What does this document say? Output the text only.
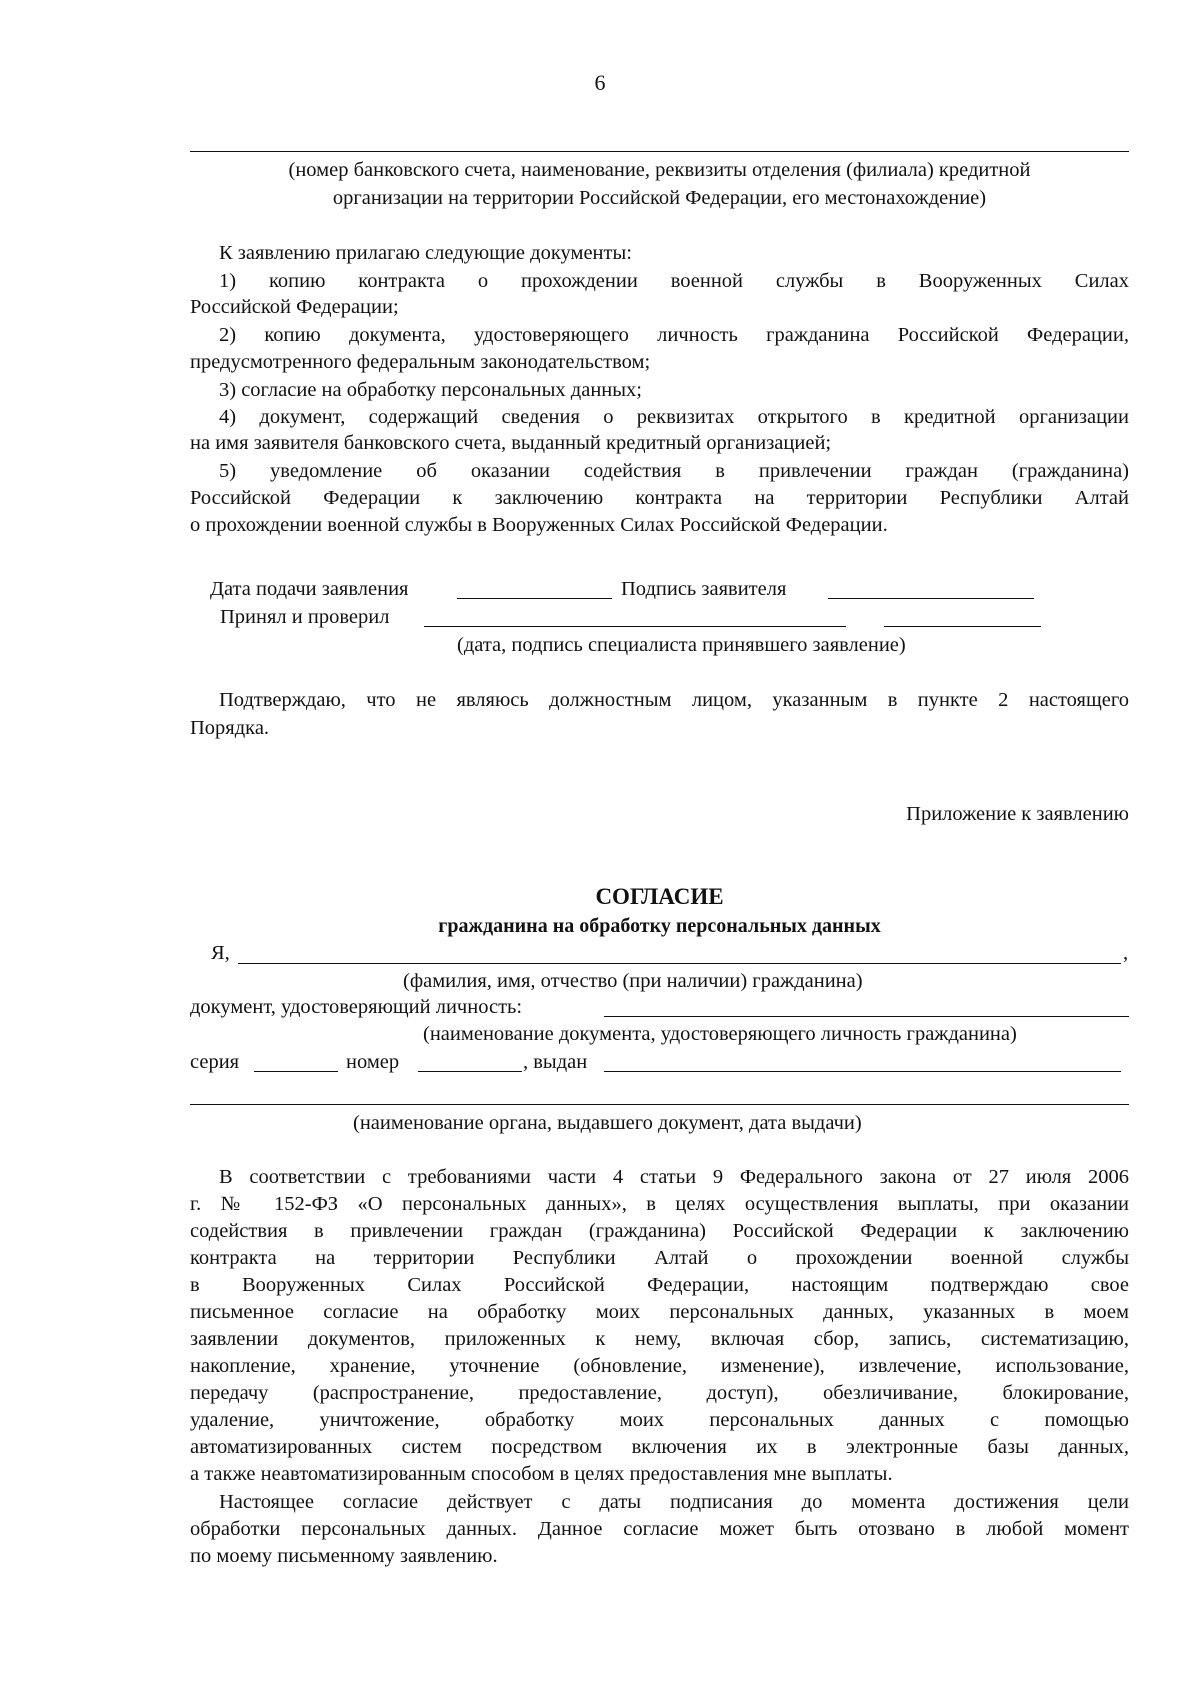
6
(номер банковского счета, наименование, реквизиты отделения (филиала) кредитной
организации на территории Российской Федерации, его местонахождение)
К заявлению прилагаю следующие документы:
1) копию контракта о прохождении военной службы в Вооруженных Силах
Российской Федерации;
2) копию документа, удостоверяющего личность гражданина Российской Федерации,
предусмотренного федеральным законодательством;
3) согласие на обработку персональных данных;
4) документ, содержащий сведения о реквизитах открытого в кредитной организации
на имя заявителя банковского счета, выданный кредитный организацией;
5) уведомление об оказании содействия в привлечении граждан (гражданина)
Российской Федерации к заключению контракта на территории Республики Алтай
о прохождении военной службы в Вооруженных Силах Российской Федерации.
Дата подачи заявления	Подпись заявителя
Принял и проверил
(дата, подпись специалиста принявшего заявление)
Подтверждаю, что не являюсь должностным лицом, указанным в пункте 2 настоящего
Порядка.
Приложение к заявлению
СОГЛАСИЕ
гражданина на обработку персональных данных
Я,	,
(фамилия, имя, отчество (при наличии) гражданина)
документ, удостоверяющий личность:
(наименование документа, удостоверяющего личность гражданина)
серия	номер	, выдан
(наименование органа, выдавшего документ, дата выдачи)
В соответствии с требованиями части 4 статьи 9 Федерального закона от 27 июля 2006
г. № 152-ФЗ «О персональных данных», в целях осуществления выплаты, при оказании
содействия в привлечении граждан (гражданина) Российской Федерации к заключению
контракта на территории Республики Алтай о прохождении военной службы
в Вооруженных Силах Российской Федерации, настоящим подтверждаю свое
письменное согласие на обработку моих персональных данных, указанных в моем
заявлении документов, приложенных к нему, включая сбор, запись, систематизацию,
накопление, хранение, уточнение (обновление, изменение), извлечение, использование,
передачу (распространение, предоставление, доступ), обезличивание, блокирование,
удаление, уничтожение, обработку моих персональных данных с помощью
автоматизированных систем посредством включения их в электронные базы данных,
а также неавтоматизированным способом в целях предоставления мне выплаты.
Настоящее согласие действует с даты подписания до момента достижения цели
обработки персональных данных. Данное согласие может быть отозвано в любой момент
по моему письменному заявлению.
